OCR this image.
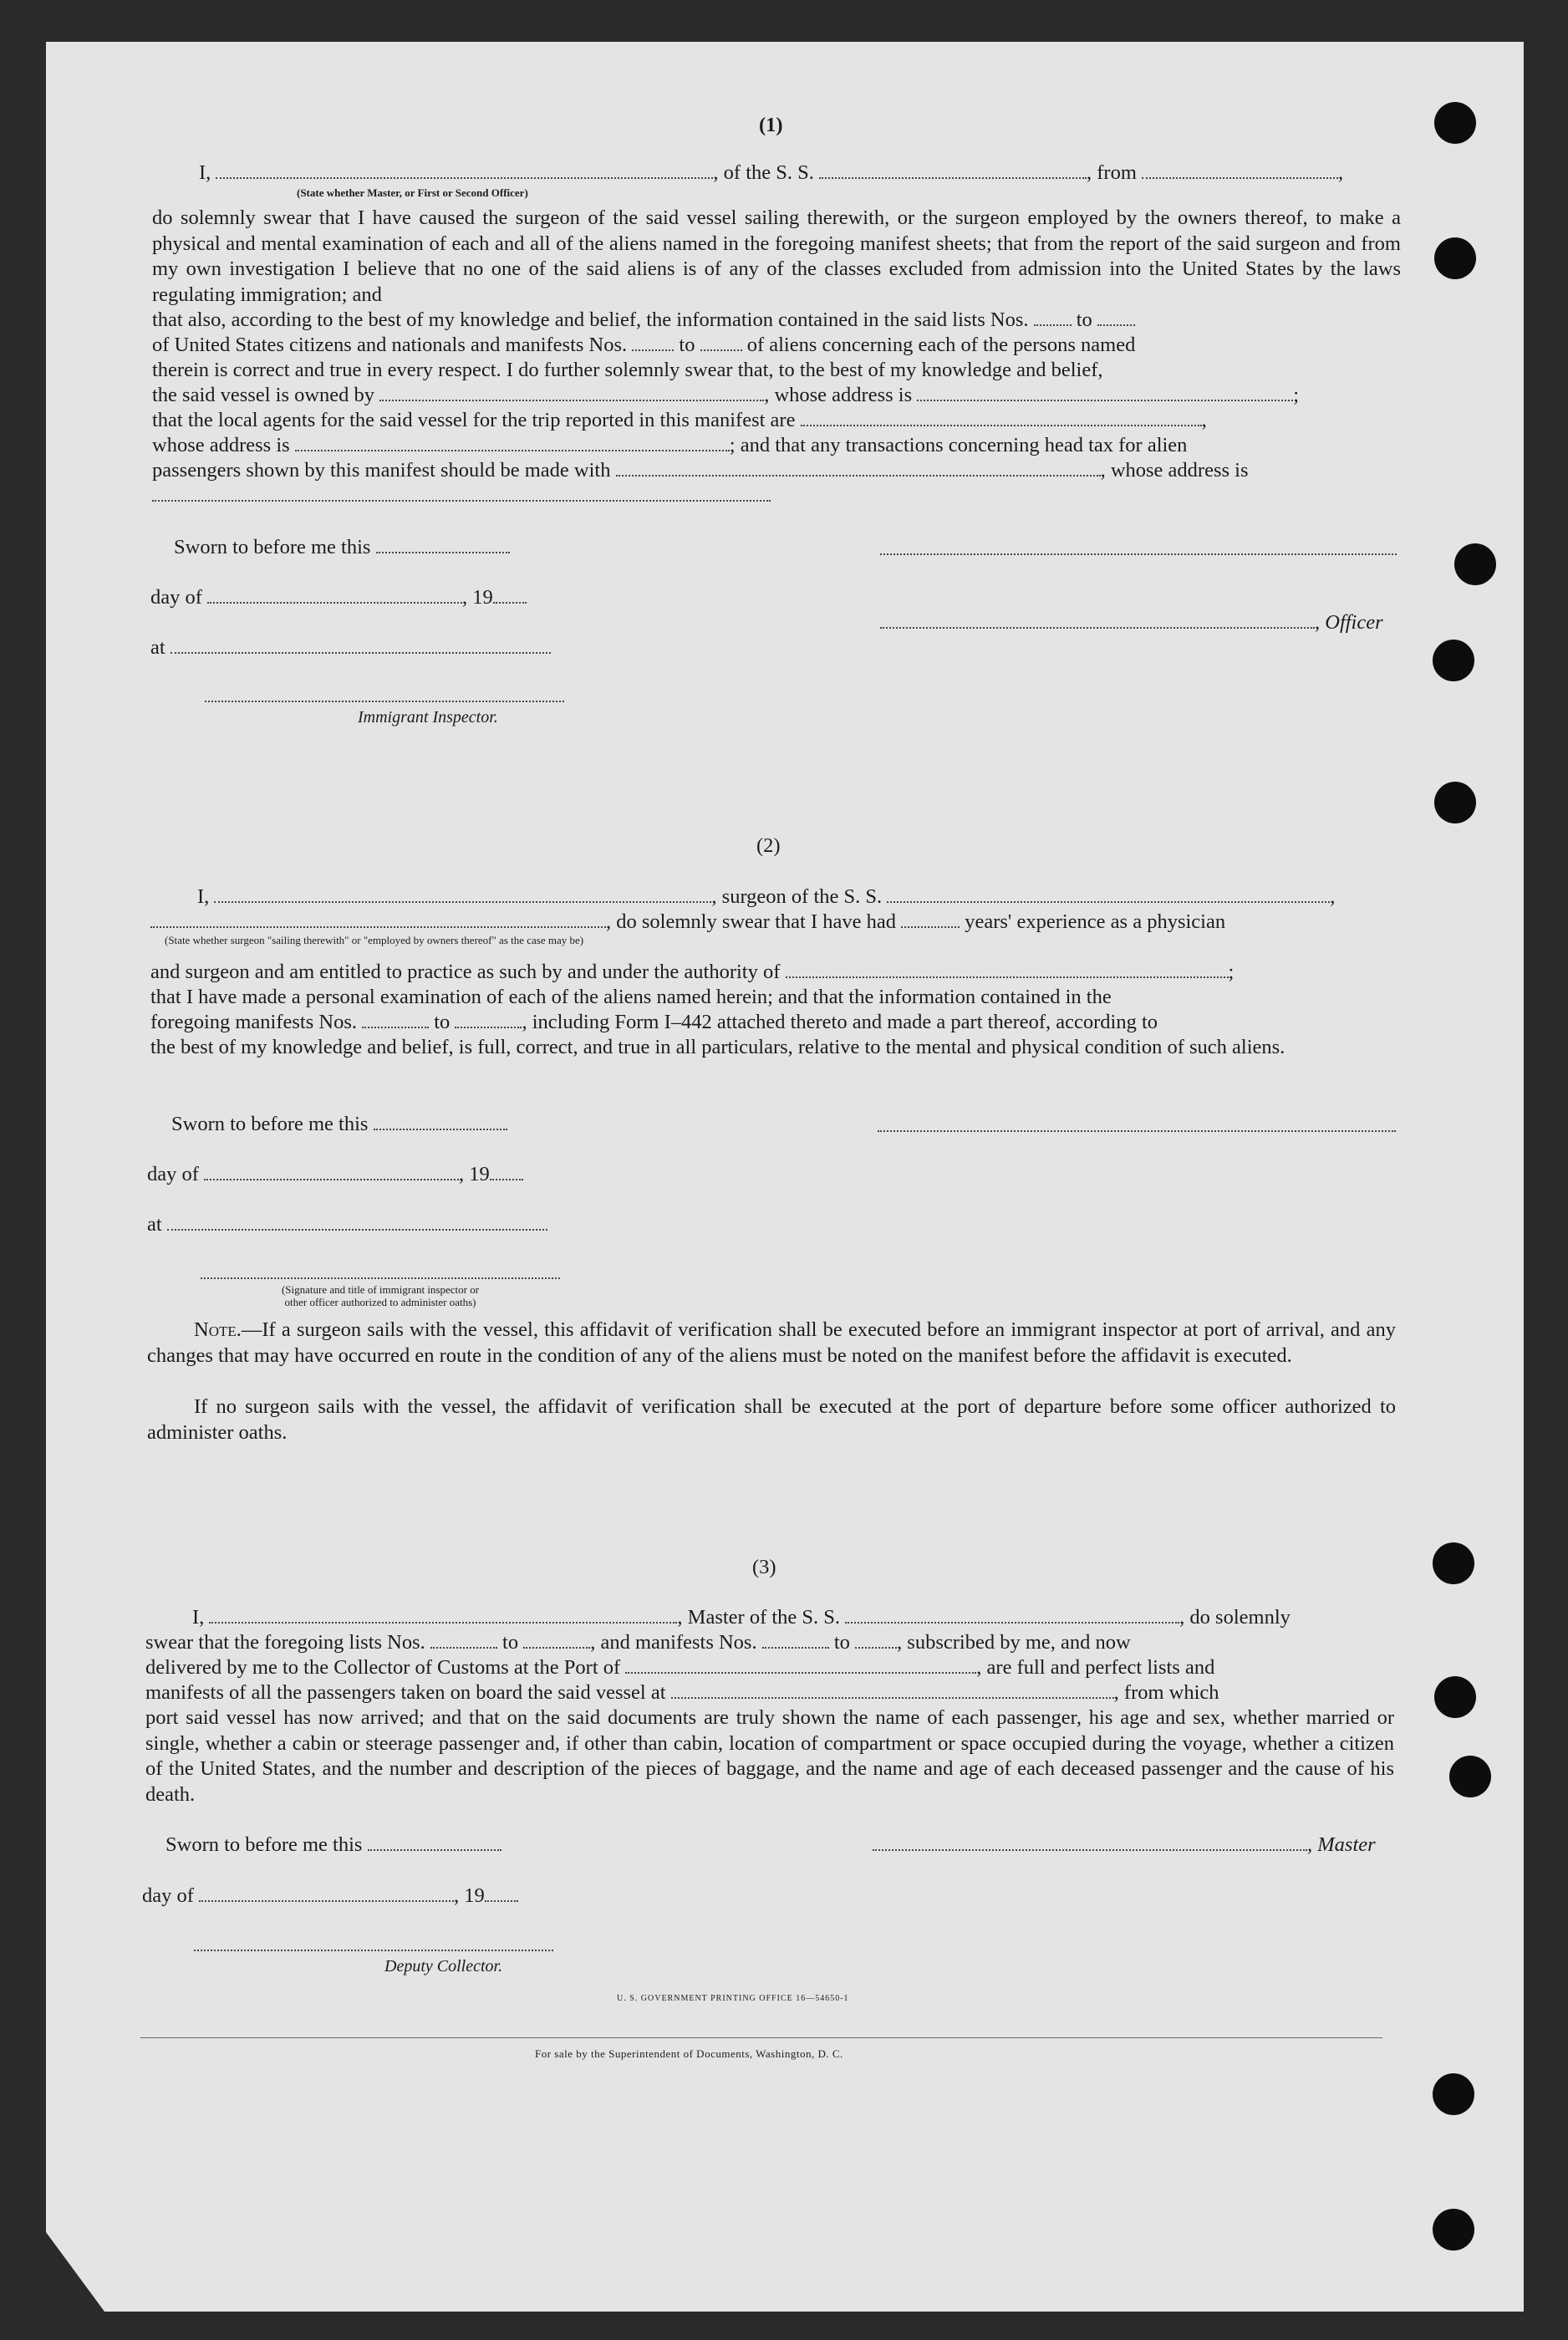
(1)
I,	, of the S. S.	, from	,
(State whether Master, or First or Second Officer)
do solemnly swear that I have caused the surgeon of the said vessel sailing therewith, or the surgeon employed by the owners thereof, to make a physical and mental examination of each and all of the aliens named in the foregoing manifest sheets; that from the report of the said surgeon and from my own investigation I believe that no one of the said aliens is of any of the classes excluded from admission into the United States by the laws regulating immigration; and
that also, according to the best of my knowledge and belief, the information contained in the said lists Nos. to
of United States citizens and nationals and manifests Nos.	to	of aliens concerning each of the persons named
therein is correct and true in every respect. I do further solemnly swear that, to the best of my knowledge and belief,
the said vessel is owned by	, whose address is	;
that the local agents for the said vessel for the trip reported in this manifest are	,
whose address is	; and that any transactions concerning head tax for alien
passengers shown by this manifest should be made with	, whose address is
Sworn to before me this
day of	, 19
, Officer
at
Immigrant Inspector.
(2)
I,	, surgeon of the S. S.	,
, do solemnly swear that I have had	years' experience as a physician
(State whether surgeon "sailing therewith" or "employed by owners thereof" as the case may be)
and surgeon and am entitled to practice as such by and under the authority of	;
that I have made a personal examination of each of the aliens named herein; and that the information contained in the
foregoing manifests Nos.	to	, including Form I–442 attached thereto and made a part thereof, according to
the best of my knowledge and belief, is full, correct, and true in all particulars, relative to the mental and physical condition of such aliens.
Sworn to before me this
day of	, 19
at
(Signature and title of immigrant inspector or
other officer authorized to administer oaths)
Note.—If a surgeon sails with the vessel, this affidavit of verification shall be executed before an immigrant inspector at port of arrival, and any changes that may have occurred en route in the condition of any of the aliens must be noted on the manifest before the affidavit is executed.
If no surgeon sails with the vessel, the affidavit of verification shall be executed at the port of departure before some officer authorized to administer oaths.
(3)
I,	, Master of the S. S.	, do solemnly
swear that the foregoing lists Nos.	to	, and manifests Nos.	to , subscribed by me, and now
delivered by me to the Collector of Customs at the Port of	, are full and perfect lists and
manifests of all the passengers taken on board the said vessel at	, from which
port said vessel has now arrived; and that on the said documents are truly shown the name of each passenger, his age and sex, whether married or single, whether a cabin or steerage passenger and, if other than cabin, location of compartment or space occupied during the voyage, whether a citizen of the United States, and the number and description of the pieces of baggage, and the name and age of each deceased passenger and the cause of his death.
Sworn to before me this	, Master
day of	, 19
Deputy Collector.
U. S. GOVERNMENT PRINTING OFFICE 16—54650-1
For sale by the Superintendent of Documents, Washington, D. C.
